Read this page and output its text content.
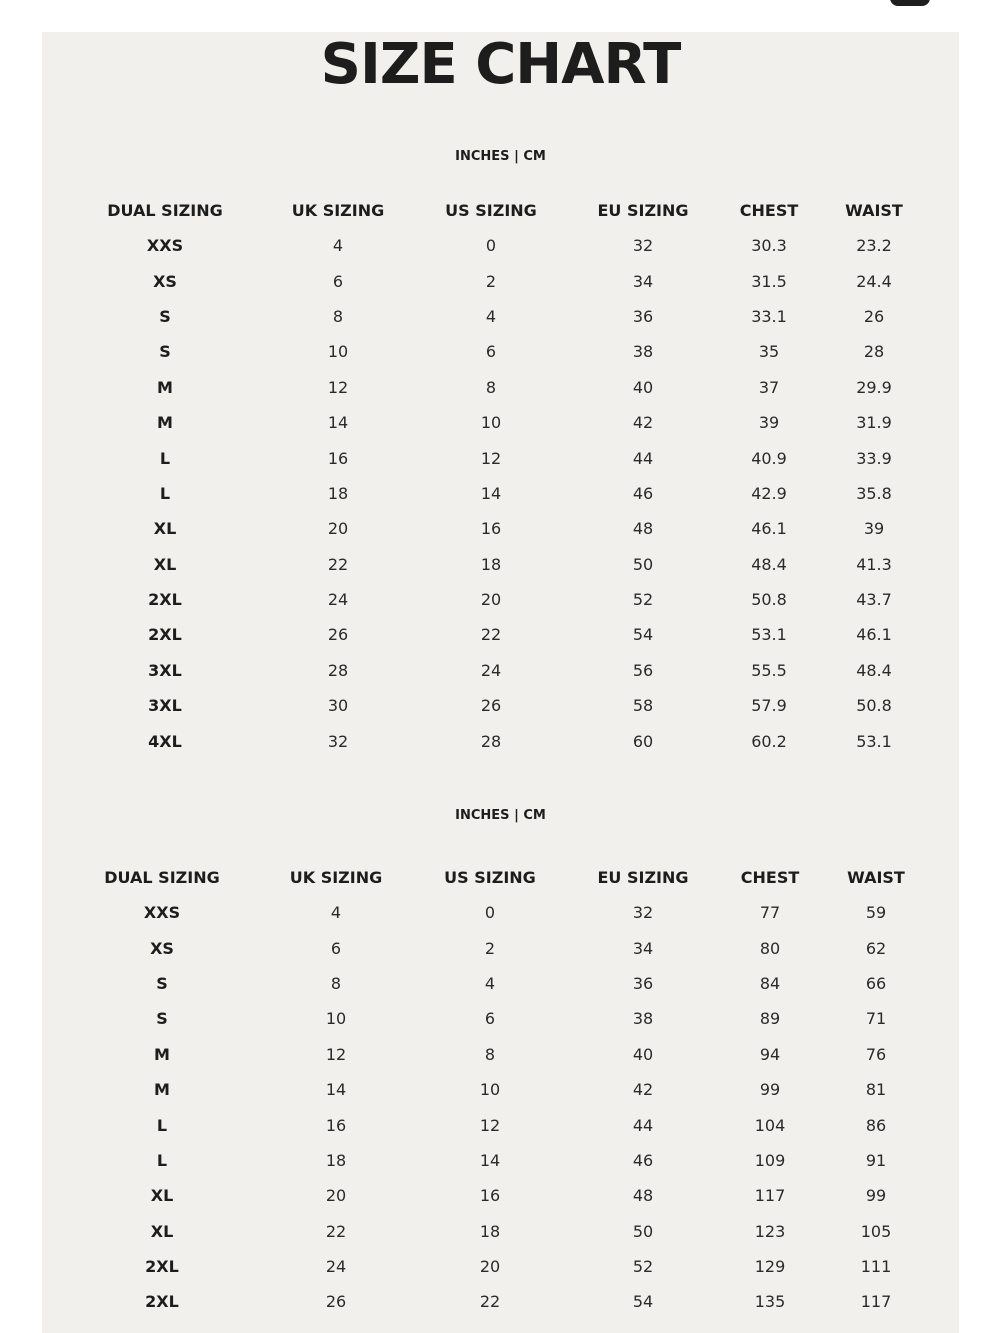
SIZE CHART
INCHES | CM
DUAL SIZING	UK SIZING	US SIZING	EU SIZING	CHEST	WAIST
XXS	4	0	32	30.3	23.2
XS	6	2	34	31.5	24.4
S	8	4	36	33.1	26
S	10	6	38	35	28
M	12	8	40	37	29.9
M	14	10	42	39	31.9
L	16	12	44	40.9	33.9
L	18	14	46	42.9	35.8
XL	20	16	48	46.1	39
XL	22	18	50	48.4	41.3
2XL	24	20	52	50.8	43.7
2XL	26	22	54	53.1	46.1
3XL	28	24	56	55.5	48.4
3XL	30	26	58	57.9	50.8
4XL	32	28	60	60.2	53.1
INCHES | CM
DUAL SIZING	UK SIZING	US SIZING	EU SIZING	CHEST	WAIST
XXS	4	0	32	77	59
XS	6	2	34	80	62
S	8	4	36	84	66
S	10	6	38	89	71
M	12	8	40	94	76
M	14	10	42	99	81
L	16	12	44	104	86
L	18	14	46	109	91
XL	20	16	48	117	99
XL	22	18	50	123	105
2XL	24	20	52	129	111
2XL	26	22	54	135	117
